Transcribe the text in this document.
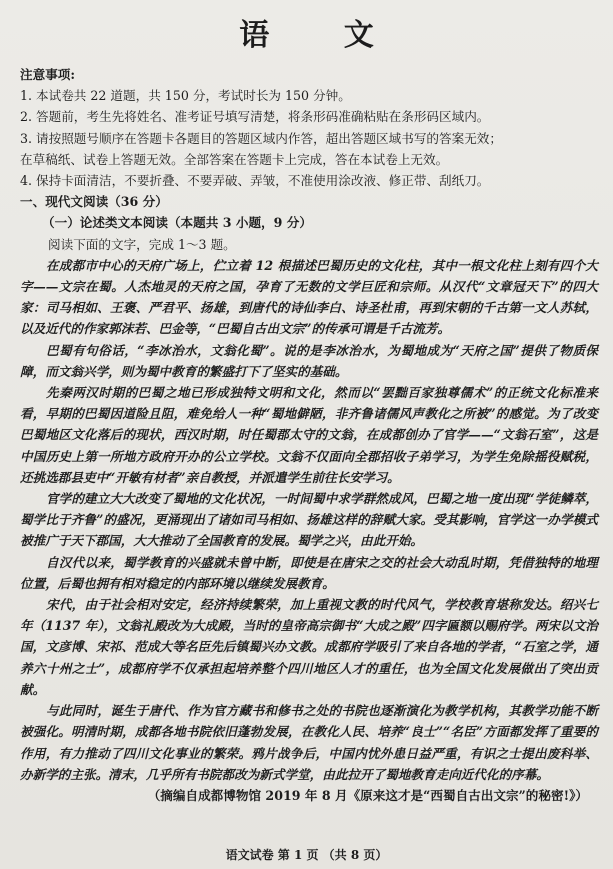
语 文
注意事项:
1. 本试卷共 22 道题，共 150 分，考试时长为 150 分钟。
2. 答题前，考生先将姓名、准考证号填写清楚，将条形码准确粘贴在条形码区域内。
3. 请按照题号顺序在答题卡各题目的答题区域内作答，超出答题区域书写的答案无效；
在草稿纸、试卷上答题无效。全部答案在答题卡上完成，答在本试卷上无效。
4. 保持卡面清洁，不要折叠、不要弄破、弄皱，不准使用涂改液、修正带、刮纸刀。
一、现代文阅读（36 分）
（一）论述类文本阅读（本题共 3 小题，9 分）
阅读下面的文字，完成 1～3 题。
在成都市中心的天府广场上，伫立着 12 根描述巴蜀历史的文化柱，其中一根文化柱上刻有四个大字——文宗在蜀。人杰地灵的天府之国，孕育了无数的文学巨匠和宗师。从汉代“文章冠天下”的四大家：司马相如、王褒、严君平、扬雄，到唐代的诗仙李白、诗圣杜甫，再到宋朝的千古第一文人苏轼，以及近代的作家郭沫若、巴金等，“巴蜀自古出文宗”的传承可谓是千古流芳。
巴蜀有句俗话，“李冰治水，文翁化蜀”。说的是李冰治水，为蜀地成为“天府之国”提供了物质保障，而文翁兴学，则为蜀中教育的繁盛打下了坚实的基础。
先秦两汉时期的巴蜀之地已形成独特文明和文化，然而以“罢黜百家独尊儒术”的正统文化标准来看，早期的巴蜀因道险且阻，难免给人一种“蜀地僻陋，非齐鲁诸儒风声教化之所被”的感觉。为了改变巴蜀地区文化落后的现状，西汉时期，时任蜀郡太守的文翁，在成都创办了官学——“文翁石室”，这是中国历史上第一所地方政府开办的公立学校。文翁不仅面向全郡招收子弟学习，为学生免除摇役赋税，还挑选郡县吏中“开敏有材者”亲自教授，并派遣学生前往长安学习。
官学的建立大大改变了蜀地的文化状况，一时间蜀中求学群然成风，巴蜀之地一度出现“学徒鳞萃，蜀学比于齐鲁”的盛况，更涌现出了诸如司马相如、扬雄这样的辞赋大家。受其影响，官学这一办学模式被推广于天下郡国，大大推动了全国教育的发展。蜀学之兴，由此开始。
自汉代以来，蜀学教育的兴盛就未曾中断，即使是在唐宋之交的社会大动乱时期，凭借独特的地理位置，后蜀也拥有相对稳定的内部环境以继续发展教育。
宋代，由于社会相对安定，经济持续繁荣，加上重视文教的时代风气，学校教育堪称发达。绍兴七年（1137 年），文翁礼殿改为大成殿，当时的皇帝高宗御书“大成之殿”四字匾额以赐府学。两宋以文治国，文彦博、宋祁、范成大等名臣先后镇蜀兴办文教。成都府学吸引了来自各地的学者，“石室之学，通养六十州之士”，成都府学不仅承担起培养整个四川地区人才的重任，也为全国文化发展做出了突出贡献。
与此同时，诞生于唐代、作为官方藏书和修书之处的书院也逐渐演化为教学机构，其教学功能不断被强化。明清时期，成都各地书院依旧蓬勃发展，在教化人民、培养“良士”“名臣”方面都发挥了重要的作用，有力推动了四川文化事业的繁荣。鸦片战争后，中国内忧外患日益严重，有识之士提出废科举、办新学的主张。清末，几乎所有书院都改为新式学堂，由此拉开了蜀地教育走向近代化的序幕。
（摘编自成都博物馆 2019 年 8 月《原来这才是“西蜀自古出文宗”的秘密!》）
语文试卷 第 1 页 （共 8 页）
